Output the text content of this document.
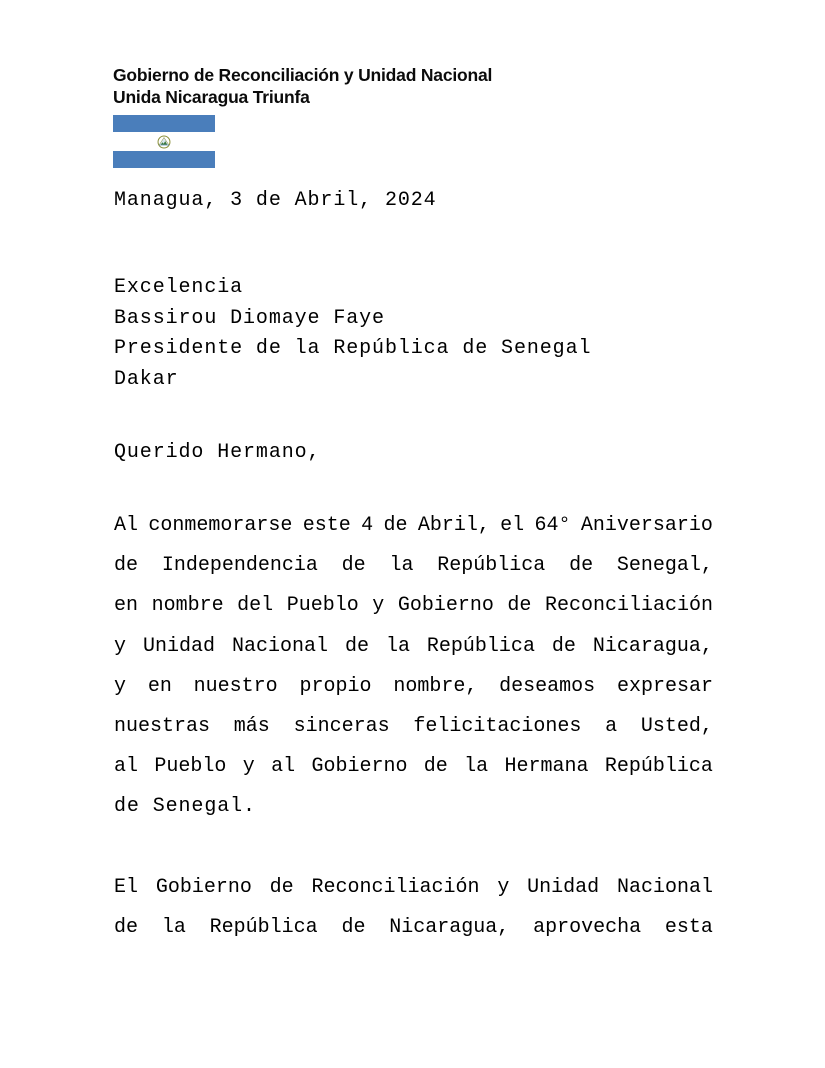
Gobierno de Reconciliación y Unidad Nacional
Unida Nicaragua Triunfa
Managua, 3 de Abril, 2024
Excelencia
Bassirou Diomaye Faye
Presidente de la República de Senegal
Dakar
Querido Hermano,
Al conmemorarse este 4 de Abril, el 64° Aniversario
de Independencia de la República de Senegal,
en nombre del Pueblo y Gobierno de Reconciliación
y Unidad Nacional de la República de Nicaragua,
y en nuestro propio nombre, deseamos expresar
nuestras más sinceras felicitaciones a Usted,
al Pueblo y al Gobierno de la Hermana República
de Senegal.
El Gobierno de Reconciliación y Unidad Nacional
de la República de Nicaragua, aprovecha esta
